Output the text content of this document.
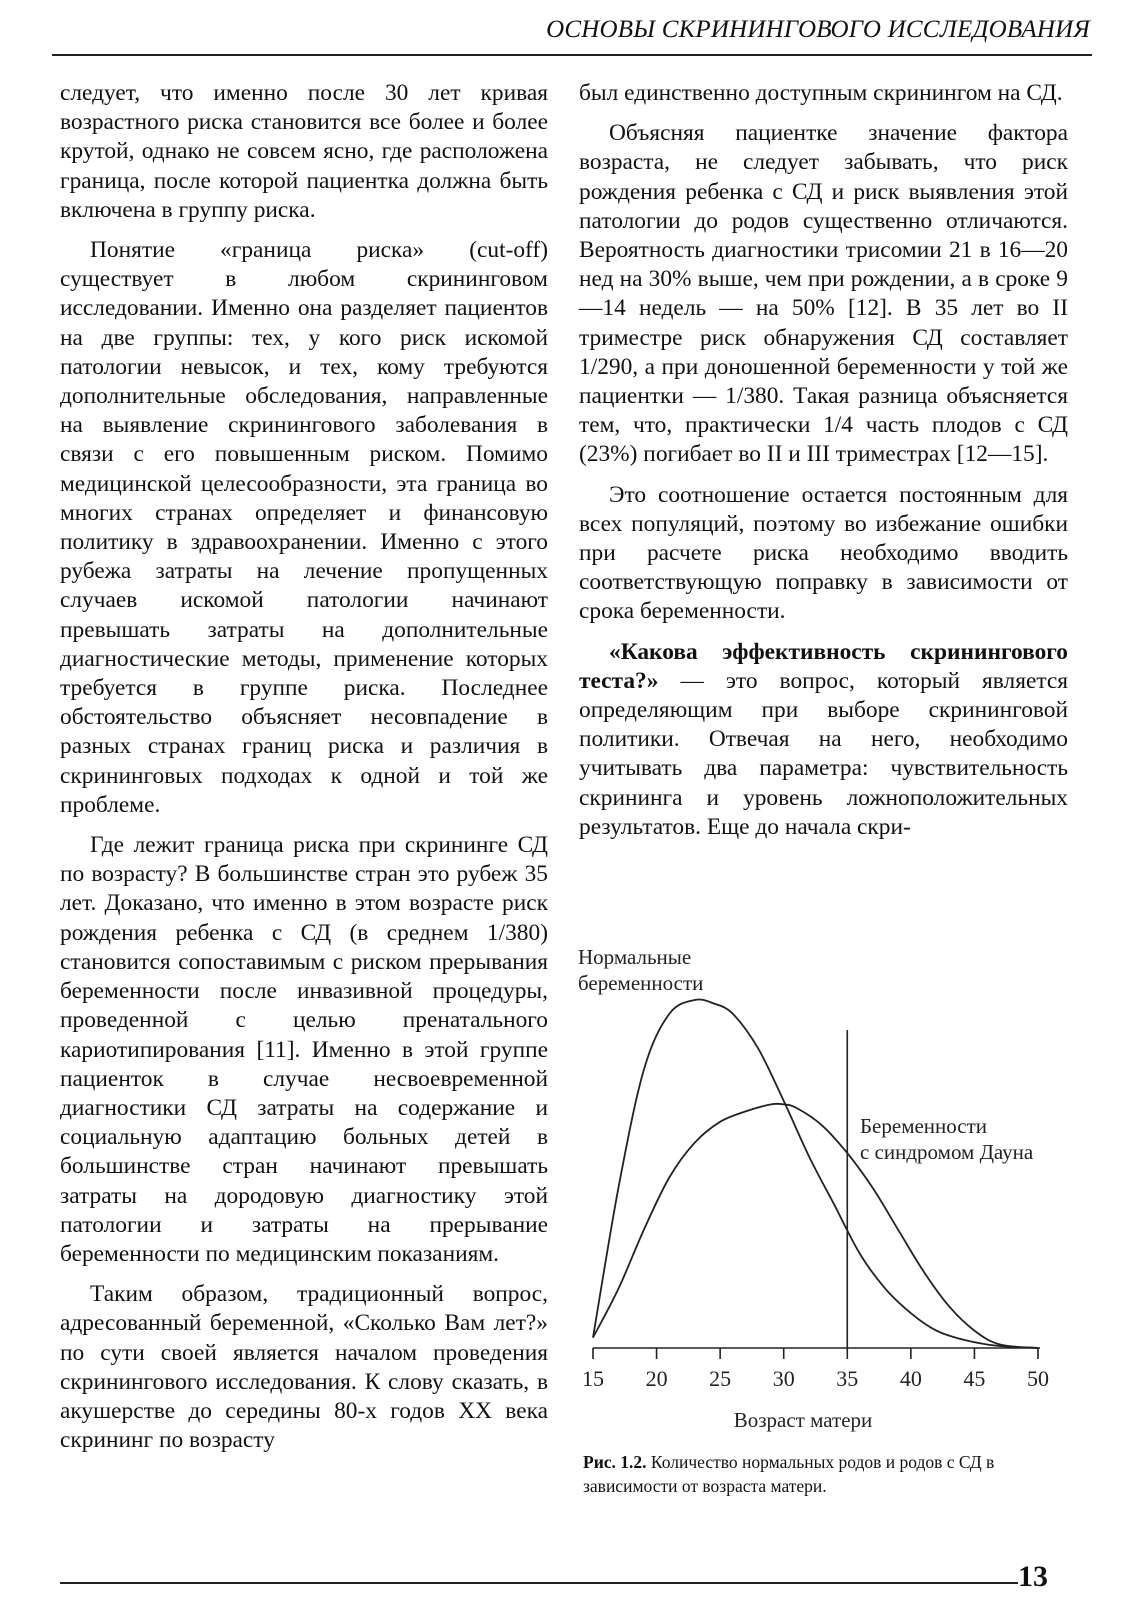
ОСНОВЫ СКРИНИНГОВОГО ИССЛЕДОВАНИЯ

следует, что именно после 30 лет кривая возрастного риска становится все более и более крутой, однако не совсем ясно, где расположена граница, после которой пациентка должна быть включена в группу риска.

Понятие «граница риска» (cut-off) существует в любом скрининговом исследовании. Именно она разделяет пациентов на две группы: тех, у кого риск искомой патологии невысок, и тех, кому требуются дополнительные обследования, направленные на выявление скринингового заболевания в связи с его повышенным риском. Помимо медицинской целесообразности, эта граница во многих странах определяет и финансовую политику в здравоохранении. Именно с этого рубежа затраты на лечение пропущенных случаев искомой патологии начинают превышать затраты на дополнительные диагностические методы, применение которых требуется в группе риска. Последнее обстоятельство объясняет несовпадение в разных странах границ риска и различия в скрининговых подходах к одной и той же проблеме.

Где лежит граница риска при скрининге СД по возрасту? В большинстве стран это рубеж 35 лет. Доказано, что именно в этом возрасте риск рождения ребенка с СД (в среднем 1/380) становится сопоставимым с риском прерывания беременности после инвазивной процедуры, проведенной с целью пренатального кариотипирования [11]. Именно в этой группе пациенток в случае несвоевременной диагностики СД затраты на содержание и социальную адаптацию больных детей в большинстве стран начинают превышать затраты на дородовую диагностику этой патологии и затраты на прерывание беременности по медицинским показаниям.

Таким образом, традиционный вопрос, адресованный беременной, «Сколько Вам лет?» по сути своей является началом проведения скринингового исследования. К слову сказать, в акушерстве до середины 80-х годов XX века скрининг по возрасту

был единственно доступным скринингом на СД.

Объясняя пациентке значение фактора возраста, не следует забывать, что риск рождения ребенка с СД и риск выявления этой патологии до родов существенно отличаются. Вероятность диагностики трисомии 21 в 16—20 нед на 30% выше, чем при рождении, а в сроке 9—14 недель — на 50% [12]. В 35 лет во II триместре риск обнаружения СД составляет 1/290, а при доношенной беременности у той же пациентки — 1/380. Такая разница объясняется тем, что, практически 1/4 часть плодов с СД (23%) погибает во II и III триместрах [12—15].

Это соотношение остается постоянным для всех популяций, поэтому во избежание ошибки при расчете риска необходимо вводить соответствующую поправку в зависимости от срока беременности.

«Какова эффективность скринингового теста?» — это вопрос, который является определяющим при выборе скрининговой политики. Отвечая на него, необходимо учитывать два параметра: чувствительность скрининга и уровень ложноположительных результатов. Еще до начала скри-

Нормальные
беременности
Беременности
с синдромом Дауна
Возраст матери
15 20 25 30 35 40 45 50
Рис. 1.2. Количество нормальных родов и родов с СД в зависимости от возраста матери.
13
